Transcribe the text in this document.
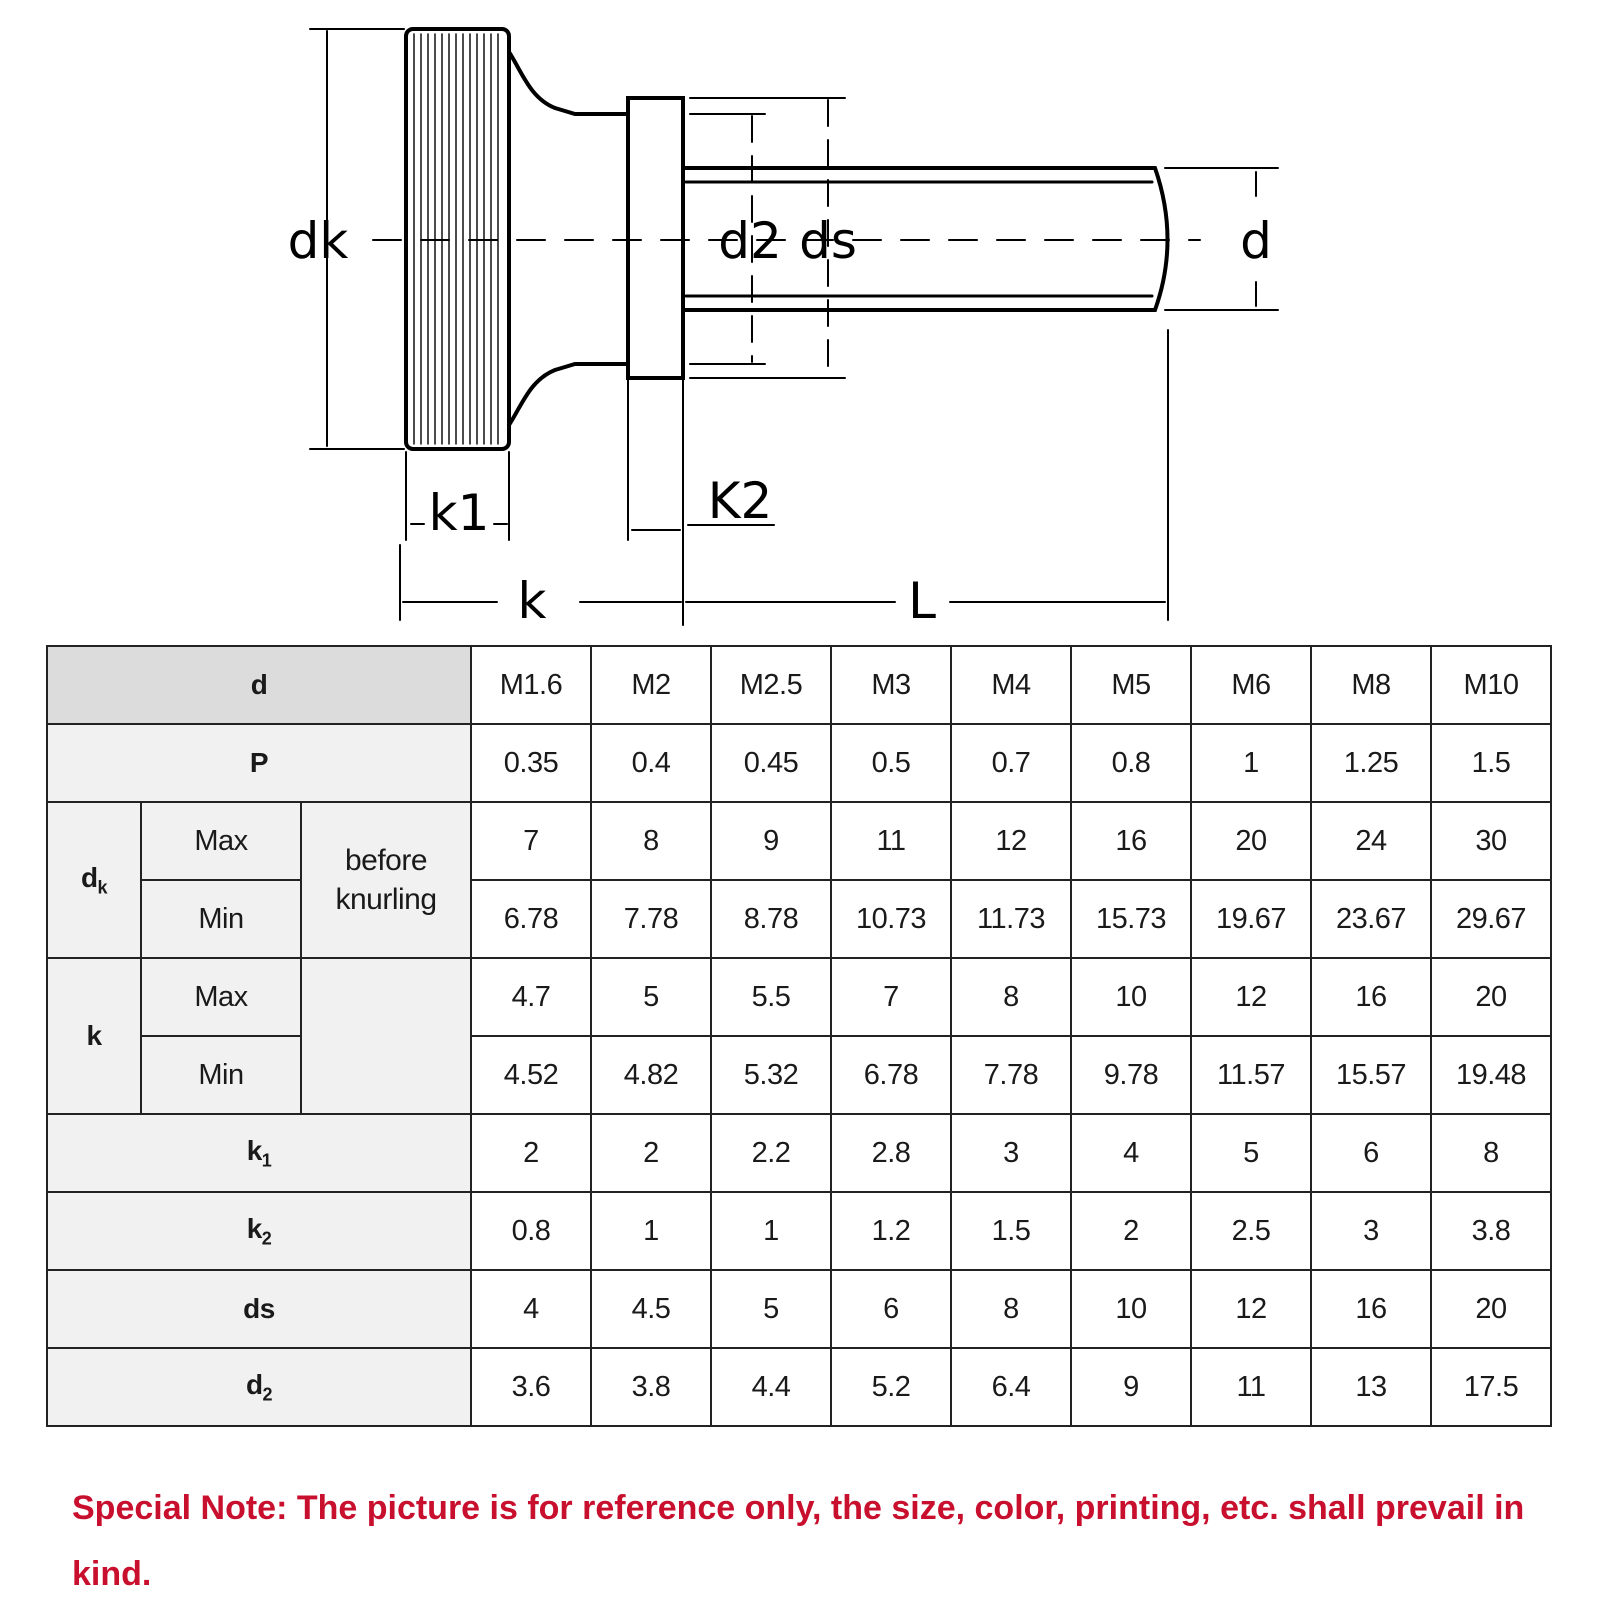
dk	d2 ds	d
k1	K2
k	L
d			M1.6	M2	M2.5	M3	M4	M5	M6	M8	M10
P			0.35	0.4	0.45	0.5	0.7	0.8	1	1.25	1.5
$d_k$	Max	before knurling	7	8	9	11	12	16	20	24	30
	Min		6.78	7.78	8.78	10.73	11.73	15.73	19.67	23.67	29.67
k	Max		4.7	5	5.5	7	8	10	12	16	20
	Min		4.52	4.82	5.32	6.78	7.78	9.78	11.57	15.57	19.48
$k_1$			2	2	2.2	2.8	3	4	5	6	8
$k_2$			0.8	1	1	1.2	1.5	2	2.5	3	3.8
ds			4	4.5	5	6	8	10	12	16	20
$d_2$			3.6	3.8	4.4	5.2	6.4	9	11	13	17.5

Special Note: The picture is for reference only, the size, color, printing, etc. shall prevail in kind.
